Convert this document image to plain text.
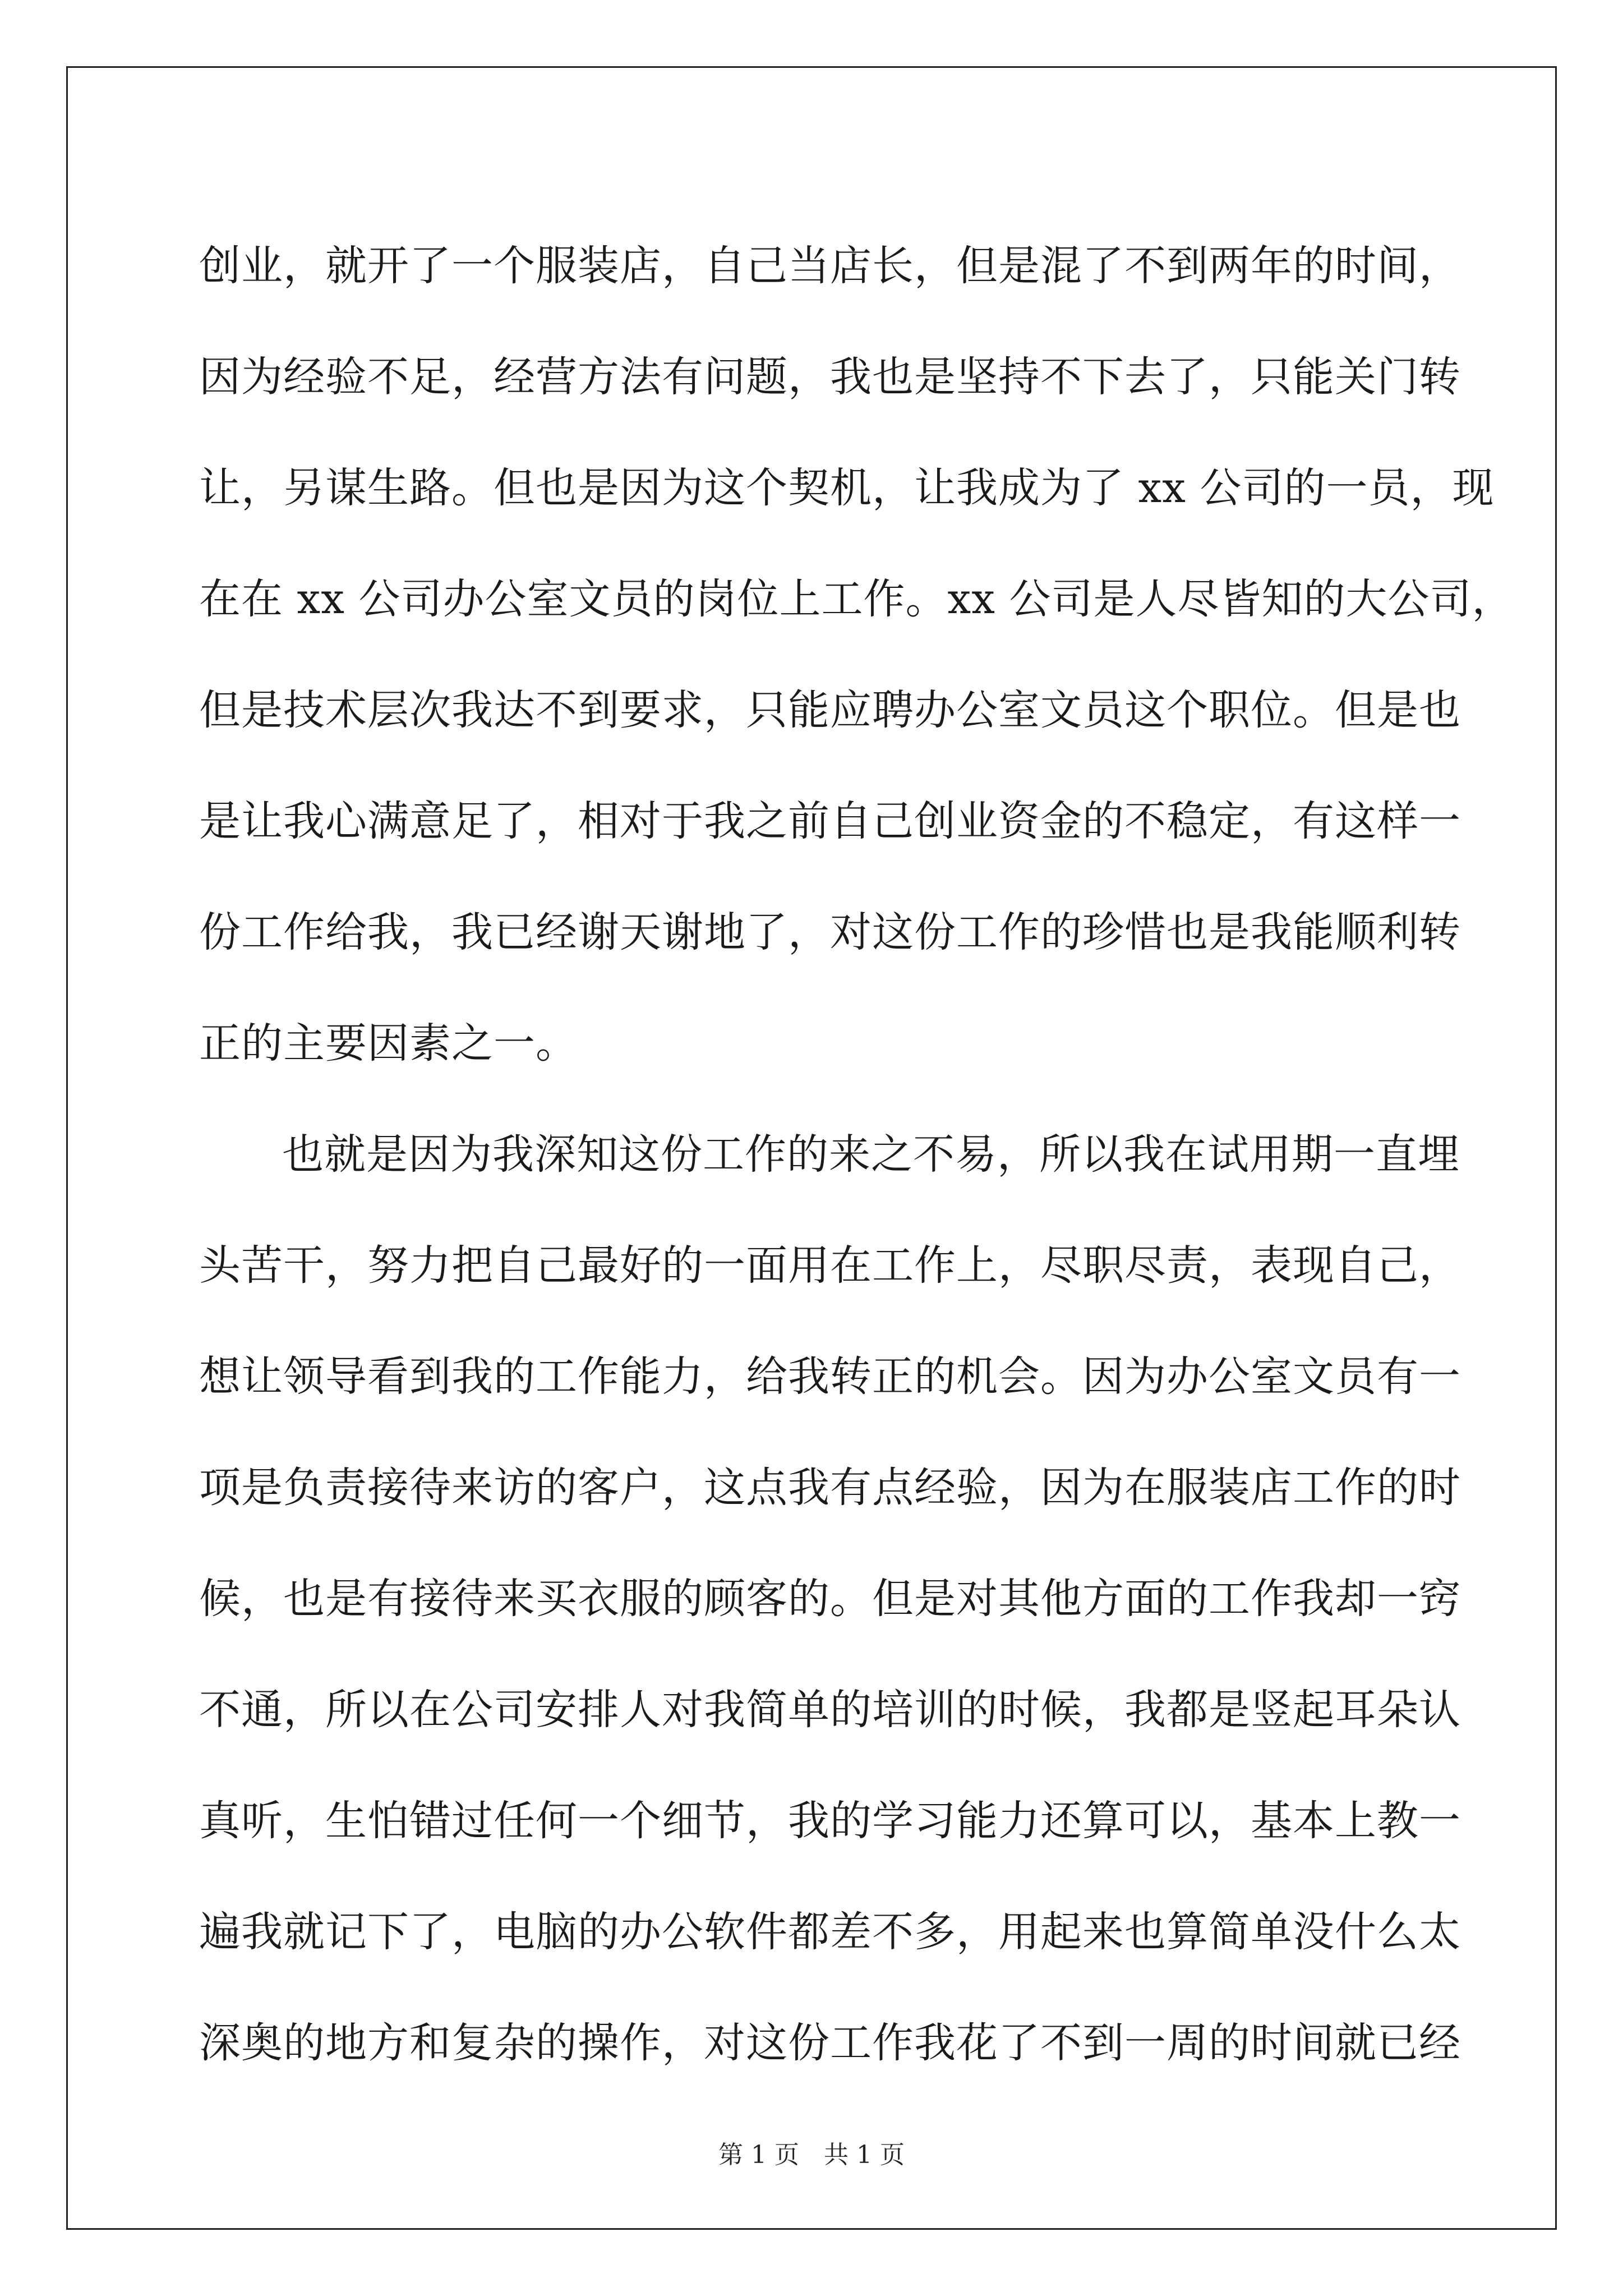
创业，就开了一个服装店，自己当店长，但是混了不到两年的时间，
因为经验不足，经营方法有问题，我也是坚持不下去了，只能关门转
让，另谋生路。但也是因为这个契机，让我成为了 xx 公司的一员，现
在在 xx 公司办公室文员的岗位上工作。xx 公司是人尽皆知的大公司，
但是技术层次我达不到要求，只能应聘办公室文员这个职位。但是也
是让我心满意足了，相对于我之前自己创业资金的不稳定，有这样一
份工作给我，我已经谢天谢地了，对这份工作的珍惜也是我能顺利转
正的主要因素之一。
也就是因为我深知这份工作的来之不易，所以我在试用期一直埋
头苦干，努力把自己最好的一面用在工作上，尽职尽责，表现自己，
想让领导看到我的工作能力，给我转正的机会。因为办公室文员有一
项是负责接待来访的客户，这点我有点经验，因为在服装店工作的时
候，也是有接待来买衣服的顾客的。但是对其他方面的工作我却一窍
不通，所以在公司安排人对我简单的培训的时候，我都是竖起耳朵认
真听，生怕错过任何一个细节，我的学习能力还算可以，基本上教一
遍我就记下了，电脑的办公软件都差不多，用起来也算简单没什么太
深奥的地方和复杂的操作，对这份工作我花了不到一周的时间就已经
第 1 页 共 1 页
